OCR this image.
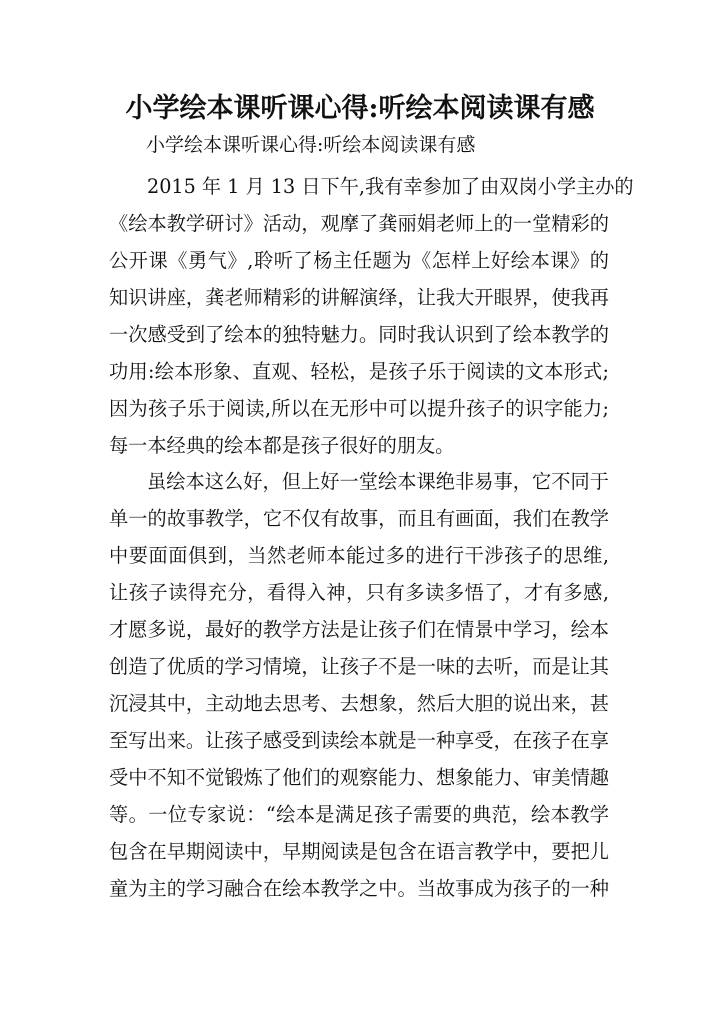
小学绘本课听课心得:听绘本阅读课有感

小学绘本课听课心得:听绘本阅读课有感

2015 年 1 月 13 日下午,我有幸参加了由双岗小学主办的
《绘本教学研讨》活动，观摩了龚丽娟老师上的一堂精彩的
公开课《勇气》,聆听了杨主任题为《怎样上好绘本课》的
知识讲座，龚老师精彩的讲解演绎，让我大开眼界，使我再
一次感受到了绘本的独特魅力。同时我认识到了绘本教学的
功用:绘本形象、直观、轻松，是孩子乐于阅读的文本形式;
因为孩子乐于阅读,所以在无形中可以提升孩子的识字能力;
每一本经典的绘本都是孩子很好的朋友。
虽绘本这么好，但上好一堂绘本课绝非易事，它不同于
单一的故事教学，它不仅有故事，而且有画面，我们在教学
中要面面俱到，当然老师本能过多的进行干涉孩子的思维,
让孩子读得充分，看得入神，只有多读多悟了，才有多感,
才愿多说，最好的教学方法是让孩子们在情景中学习，绘本
创造了优质的学习情境，让孩子不是一味的去听，而是让其
沉浸其中，主动地去思考、去想象，然后大胆的说出来，甚
至写出来。让孩子感受到读绘本就是一种享受，在孩子在享
受中不知不觉锻炼了他们的观察能力、想象能力、审美情趣
等。一位专家说：“绘本是满足孩子需要的典范，绘本教学
包含在早期阅读中，早期阅读是包含在语言教学中，要把儿
童为主的学习融合在绘本教学之中。当故事成为孩子的一种
